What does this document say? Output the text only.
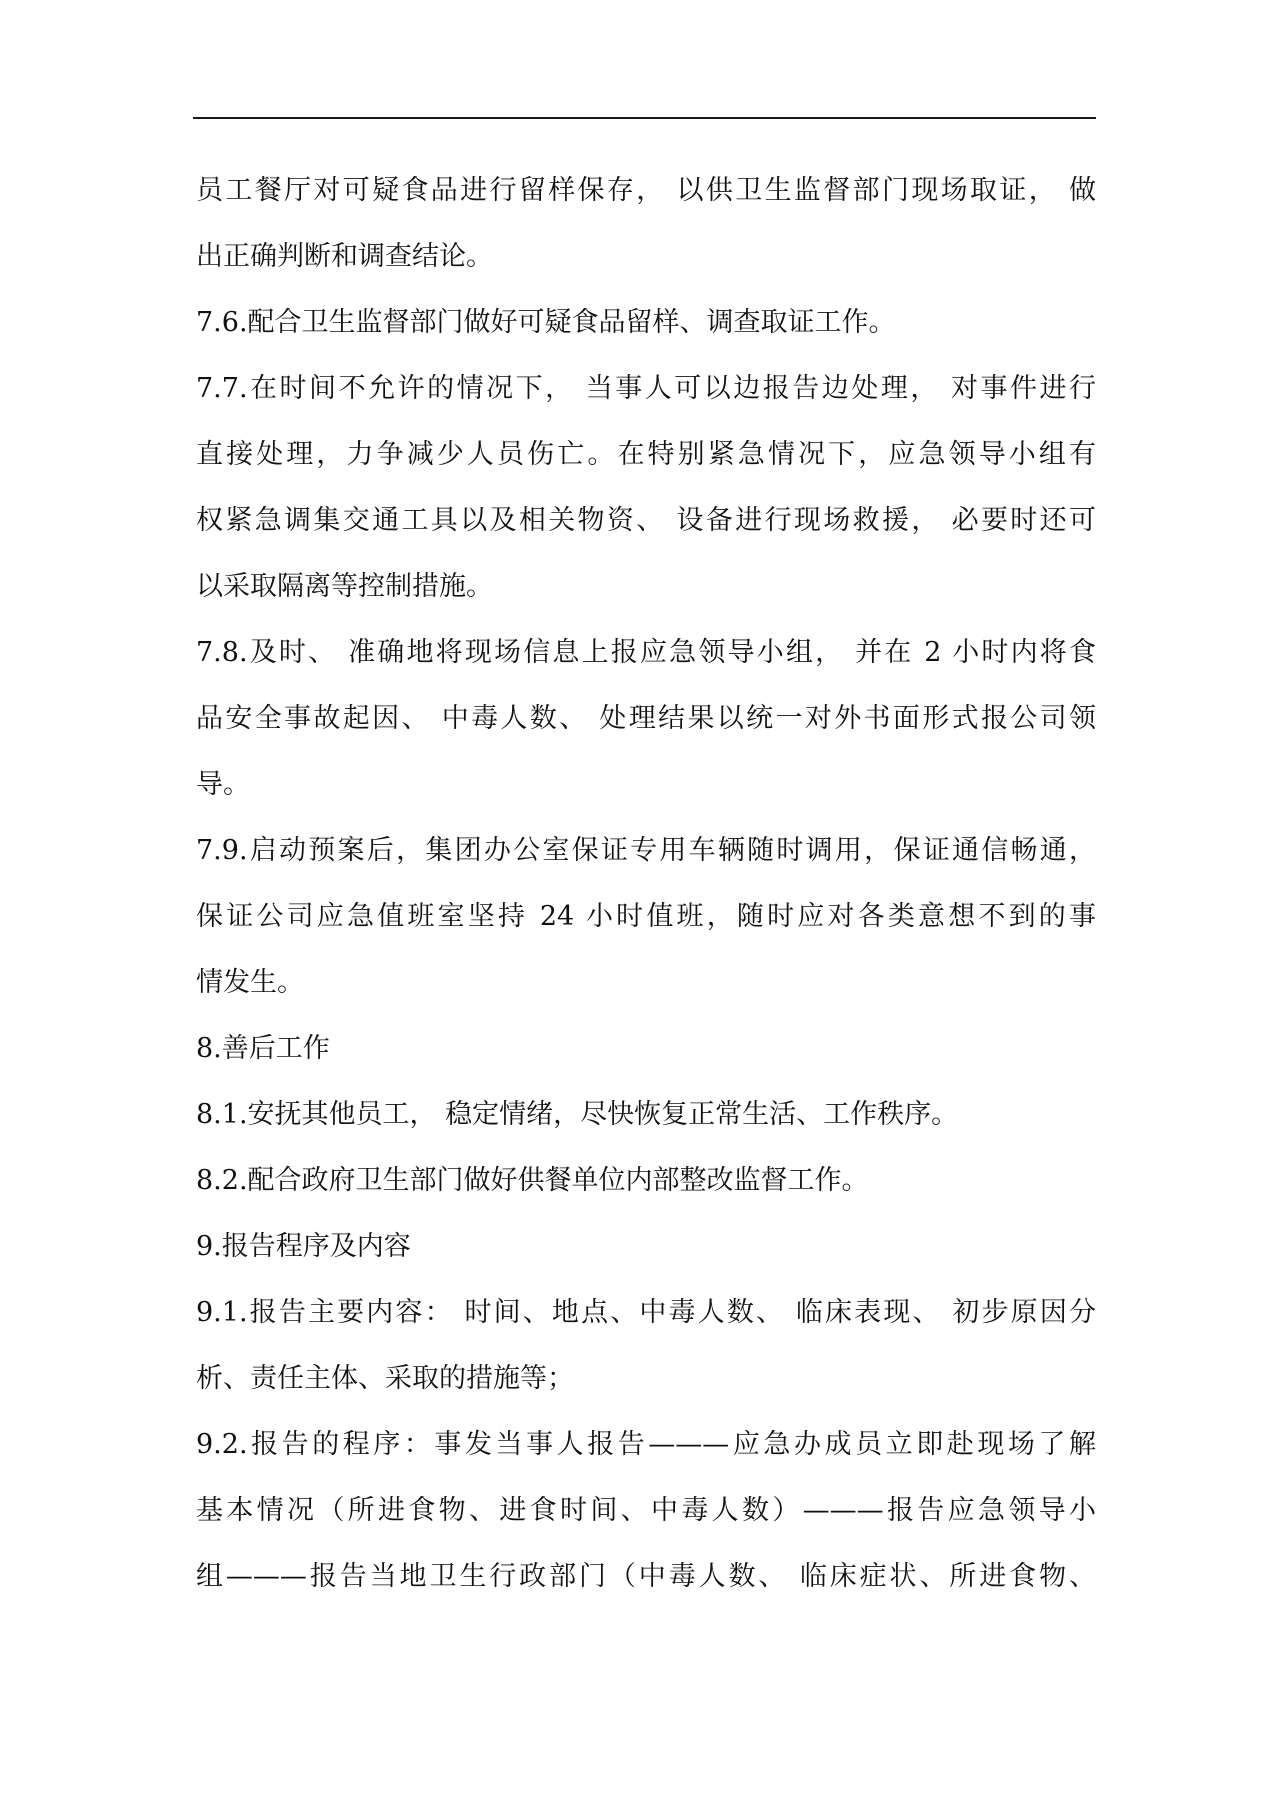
员工餐厅对可疑食品进行留样保存， 以供卫生监督部门现场取证， 做
出正确判断和调查结论。
7.6.配合卫生监督部门做好可疑食品留样、调查取证工作。
7.7.在时间不允许的情况下， 当事人可以边报告边处理， 对事件进行
直接处理，力争减少人员伤亡。在特别紧急情况下，应急领导小组有
权紧急调集交通工具以及相关物资、 设备进行现场救援， 必要时还可
以采取隔离等控制措施。
7.8.及时、 准确地将现场信息上报应急领导小组， 并在 2 小时内将食
品安全事故起因、 中毒人数、 处理结果以统一对外书面形式报公司领
导。
7.9.启动预案后，集团办公室保证专用车辆随时调用，保证通信畅通，
保证公司应急值班室坚持 24 小时值班，随时应对各类意想不到的事
情发生。
8.善后工作
8.1.安抚其他员工， 稳定情绪，尽快恢复正常生活、工作秩序。
8.2.配合政府卫生部门做好供餐单位内部整改监督工作。
9.报告程序及内容
9.1.报告主要内容： 时间、地点、中毒人数、 临床表现、 初步原因分
析、责任主体、采取的措施等；
9.2.报告的程序：事发当事人报告———应急办成员立即赴现场了解
基本情况（所进食物、进食时间、中毒人数）———报告应急领导小
组———报告当地卫生行政部门（中毒人数、 临床症状、所进食物、
